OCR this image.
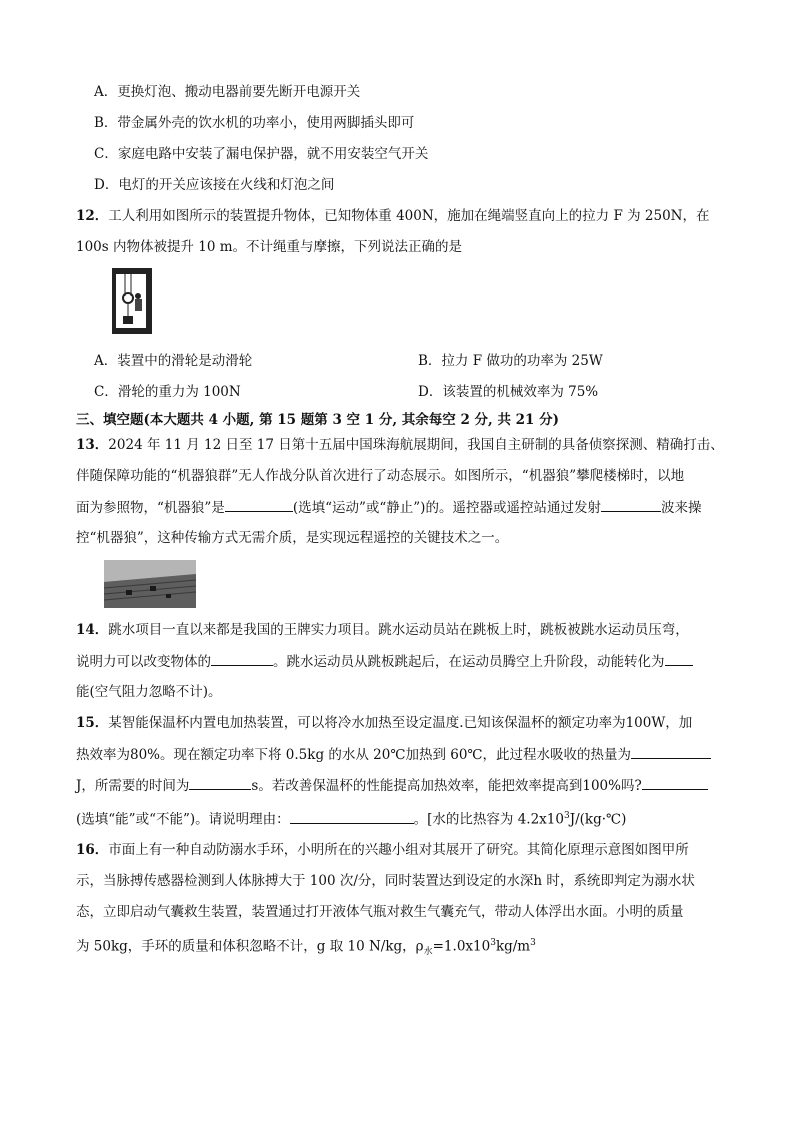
A．更换灯泡、搬动电器前要先断开电源开关
B．带金属外壳的饮水机的功率小，使用两脚插头即可
C．家庭电路中安装了漏电保护器，就不用安装空气开关
D．电灯的开关应该接在火线和灯泡之间
12．工人利用如图所示的装置提升物体，已知物体重 400N，施加在绳端竖直向上的拉力 F 为 250N，在
100s 内物体被提升 10 m。不计绳重与摩擦，下列说法正确的是
A．装置中的滑轮是动滑轮	B．拉力 F 做功的功率为 25W
C．滑轮的重力为 100N	D．该装置的机械效率为 75%
三、填空题(本大题共 4 小题, 第 15 题第 3 空 1 分, 其余每空 2 分, 共 21 分)
13．2024 年 11 月 12 日至 17 日第十五届中国珠海航展期间，我国自主研制的具备侦察探测、精确打击、
伴随保障功能的“机器狼群”无人作战分队首次进行了动态展示。如图所示，“机器狼”攀爬楼梯时，以地
面为参照物，“机器狼”是	(选填“运动”或“静止”)的。遥控器或遥控站通过发射	波来操
控“机器狼”，这种传输方式无需介质，是实现远程遥控的关键技术之一。
14．跳水项目一直以来都是我国的王牌实力项目。跳水运动员站在跳板上时，跳板被跳水运动员压弯，
说明力可以改变物体的	。跳水运动员从跳板跳起后，在运动员腾空上升阶段，动能转化为
能(空气阻力忽略不计)。
15．某智能保温杯内置电加热装置，可以将冷水加热至设定温度.已知该保温杯的额定功率为100W，加
热效率为80%。现在额定功率下将 0.5kg 的水从 20℃加热到 60℃，此过程水吸收的热量为
J，所需要的时间为	s。若改善保温杯的性能提高加热效率，能把效率提高到100%吗?
(选填“能”或“不能”)。请说明理由：	。[水的比热容为 $4.2x10^3J/(kg\cdot℃)$
16．市面上有一种自动防溺水手环，小明所在的兴趣小组对其展开了研究。其简化原理示意图如图甲所
示，当脉搏传感器检测到人体脉搏大于 100 次/分，同时装置达到设定的水深h 时，系统即判定为溺水状
态，立即启动气囊救生装置，装置通过打开液体气瓶对救生气囊充气，带动人体浮出水面。小明的质量
为 50kg，手环的质量和体积忽略不计，g 取 10 N/kg，$\rho_水=1.0x10^3kg/m^3$
